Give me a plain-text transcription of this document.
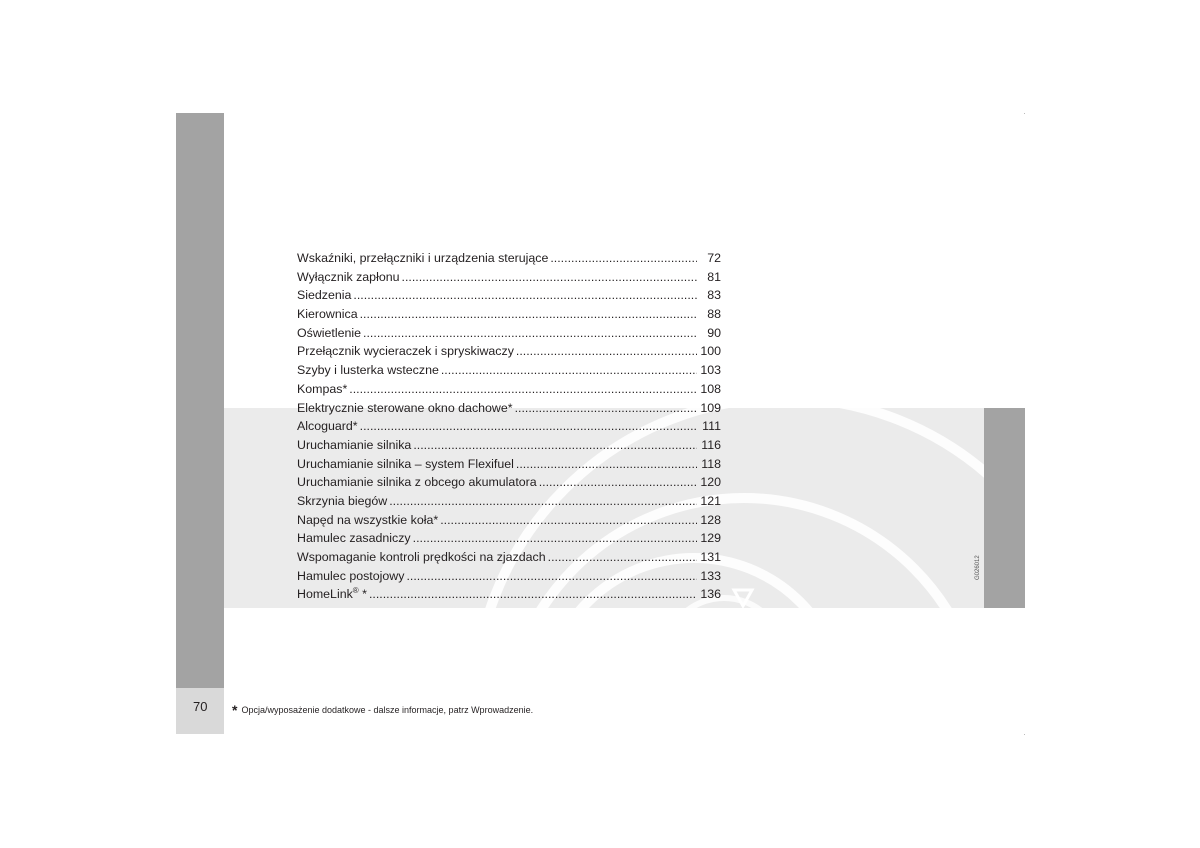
70
G026012
Wskaźniki, przełączniki i urządzenia sterujące .....	72
Wyłącznik zapłonu .....	81
Siedzenia .....	83
Kierownica .....	88
Oświetlenie .....	90
Przełącznik wycieraczek i spryskiwaczy .....	100
Szyby i lusterka wsteczne .....	103
Kompas* .....	108
Elektrycznie sterowane okno dachowe* .....	109
Alcoguard* .....	111
Uruchamianie silnika .....	116
Uruchamianie silnika – system Flexifuel .....	118
Uruchamianie silnika z obcego akumulatora .....	120
Skrzynia biegów .....	121
Napęd na wszystkie koła* .....	128
Hamulec zasadniczy .....	129
Wspomaganie kontroli prędkości na zjazdach .....	131
Hamulec postojowy .....	133
HomeLink® * .....	136
* Opcja/wyposażenie dodatkowe - dalsze informacje, patrz Wprowadzenie.
